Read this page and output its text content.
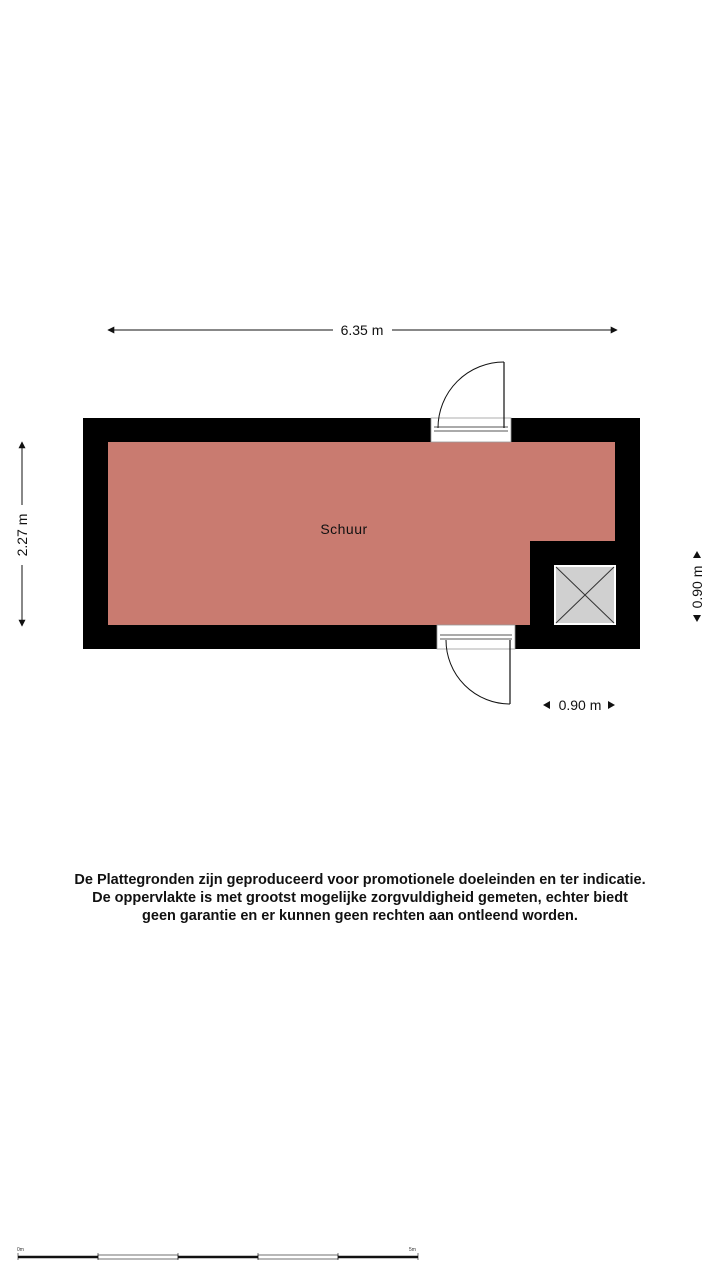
6.35 m
2.27 m	Schuur
0.90 m
0.90 m
0m	5m
De Plattegronden zijn geproduceerd voor promotionele doeleinden en ter indicatie.
De oppervlakte is met grootst mogelijke zorgvuldigheid gemeten, echter biedt
geen garantie en er kunnen geen rechten aan ontleend worden.
